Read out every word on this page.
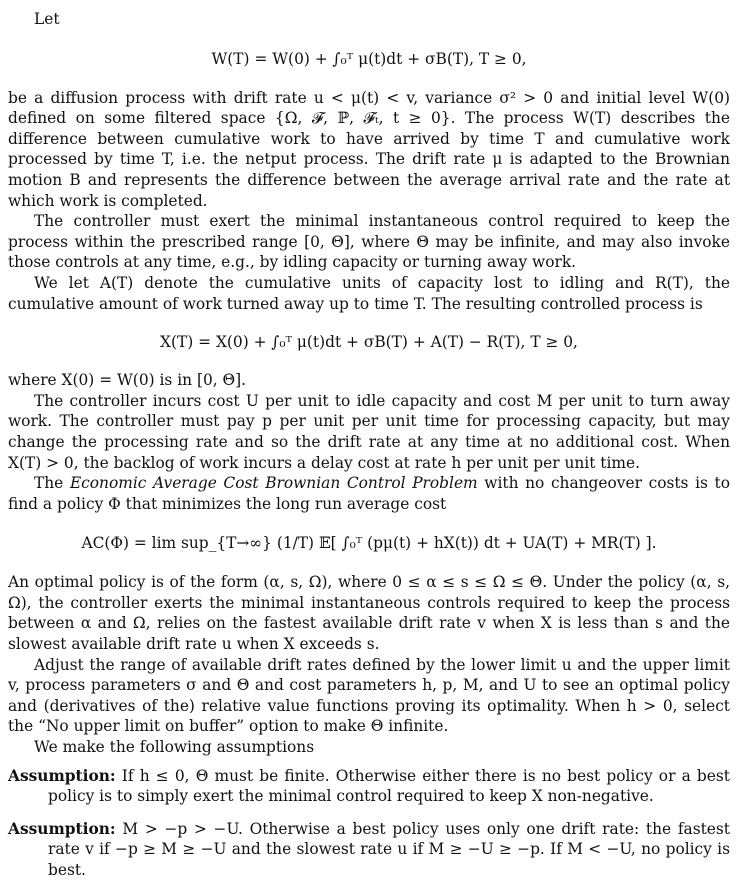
Let

W(T) = W(0) + ∫₀ᵀ μ(t)dt + σB(T), T ≥ 0,

be a diffusion process with drift rate u < μ(t) < v, variance σ² > 0 and initial level W(0) defined on some filtered space {Ω, 𝓕, ℙ, 𝓕ₜ, t ≥ 0}. The process W(T) describes the difference between cumulative work to have arrived by time T and cumulative work processed by time T, i.e. the netput process. The drift rate μ is adapted to the Brownian motion B and represents the difference between the average arrival rate and the rate at which work is completed.

The controller must exert the minimal instantaneous control required to keep the process within the prescribed range [0, Θ], where Θ may be infinite, and may also invoke those controls at any time, e.g., by idling capacity or turning away work.

We let A(T) denote the cumulative units of capacity lost to idling and R(T), the cumulative amount of work turned away up to time T. The resulting controlled process is

X(T) = X(0) + ∫₀ᵀ μ(t)dt + σB(T) + A(T) − R(T), T ≥ 0,

where X(0) = W(0) is in [0, Θ].

The controller incurs cost U per unit to idle capacity and cost M per unit to turn away work. The controller must pay p per unit per unit time for processing capacity, but may change the processing rate and so the drift rate at any time at no additional cost. When X(T) > 0, the backlog of work incurs a delay cost at rate h per unit per unit time.

The Economic Average Cost Brownian Control Problem with no changeover costs is to find a policy Φ that minimizes the long run average cost

AC(Φ) = lim sup_{T→∞} (1/T) 𝔼[ ∫₀ᵀ (pμ(t) + hX(t)) dt + UA(T) + MR(T) ].

An optimal policy is of the form (α, s, Ω), where 0 ≤ α ≤ s ≤ Ω ≤ Θ. Under the policy (α, s, Ω), the controller exerts the minimal instantaneous controls required to keep the process between α and Ω, relies on the fastest available drift rate v when X is less than s and the slowest available drift rate u when X exceeds s.

Adjust the range of available drift rates defined by the lower limit u and the upper limit v, process parameters σ and Θ and cost parameters h, p, M, and U to see an optimal policy and (derivatives of the) relative value functions proving its optimality. When h > 0, select the “No upper limit on buffer” option to make Θ infinite.

We make the following assumptions

Assumption: If h ≤ 0, Θ must be finite. Otherwise either there is no best policy or a best policy is to simply exert the minimal control required to keep X non-negative.

Assumption: M > −p > −U. Otherwise a best policy uses only one drift rate: the fastest rate v if −p ≥ M ≥ −U and the slowest rate u if M ≥ −U ≥ −p. If M < −U, no policy is best.
